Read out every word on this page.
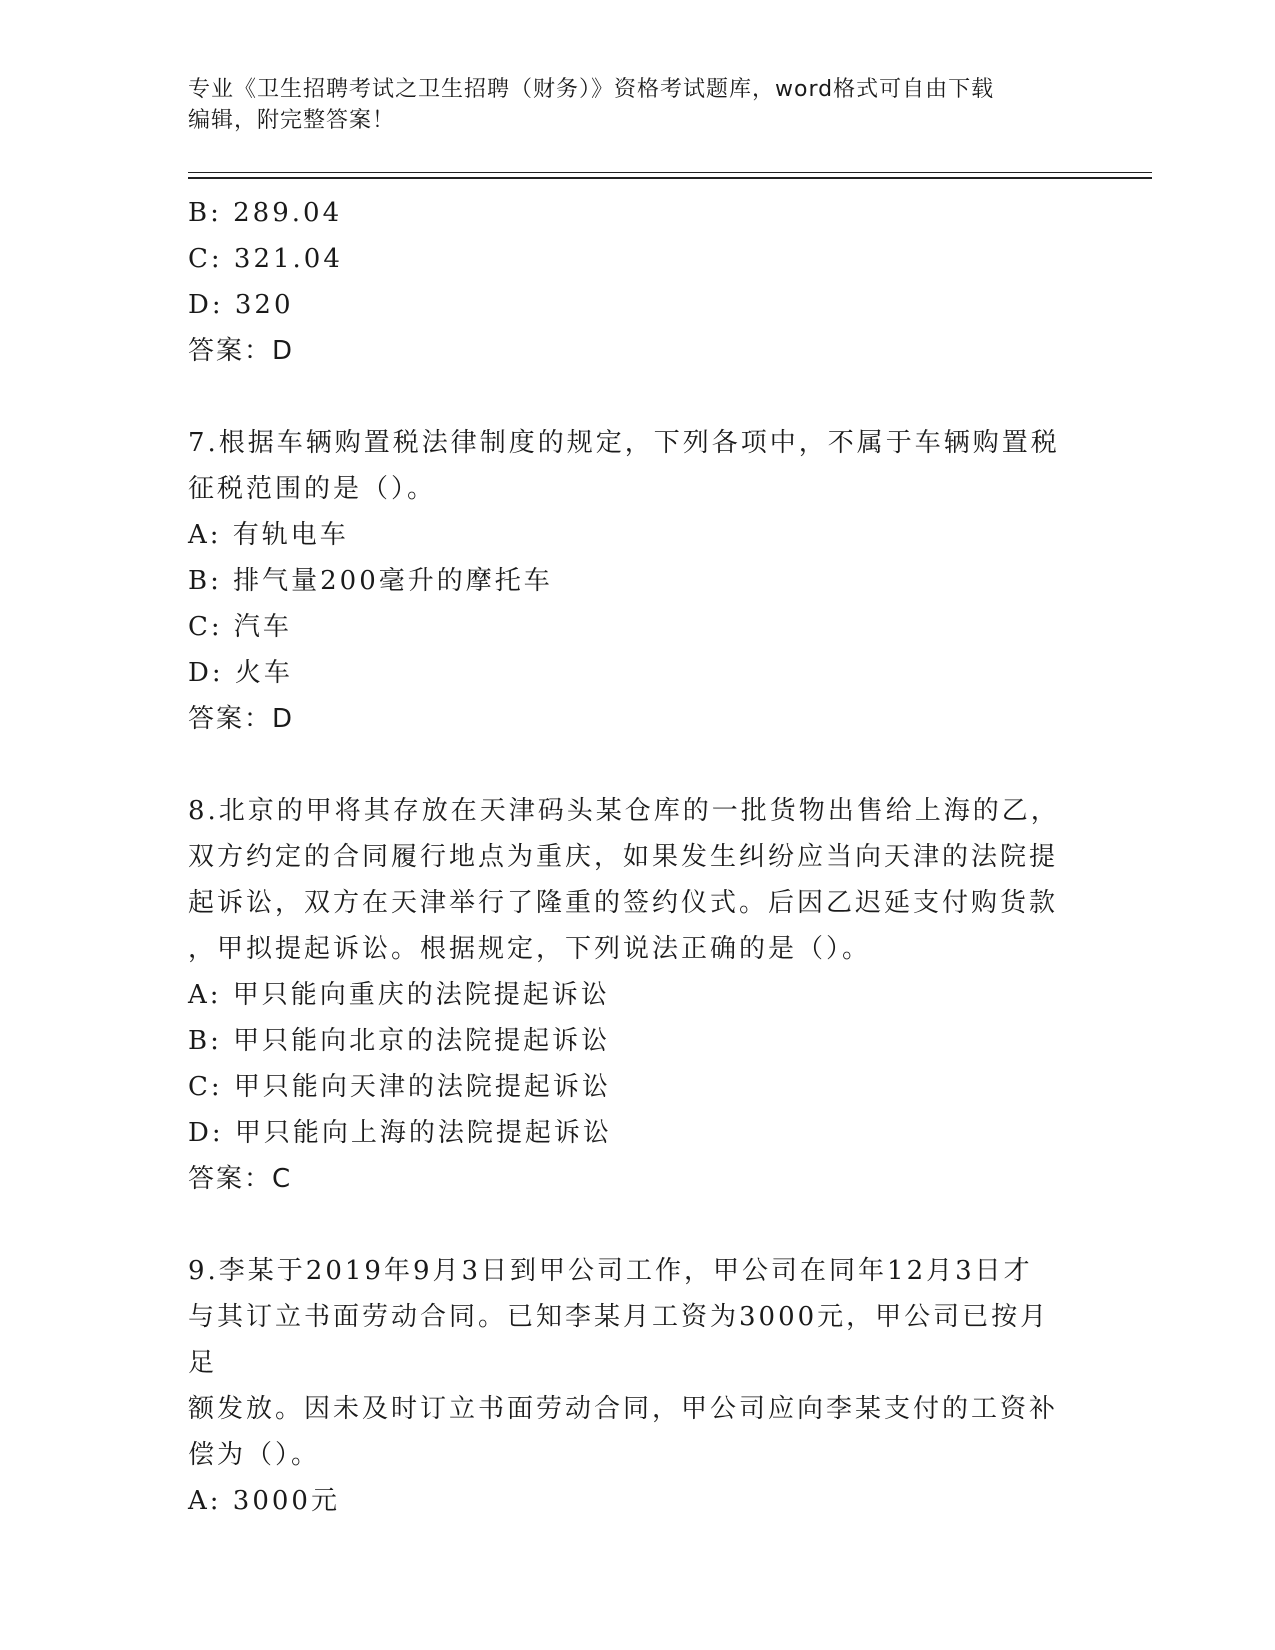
专业《卫生招聘考试之卫生招聘（财务）》资格考试题库，word格式可自由下载
编辑，附完整答案！
B: 289.04
C: 321.04
D: 320
答案：D
7.根据车辆购置税法律制度的规定，下列各项中，不属于车辆购置税
征税范围的是（）。
A: 有轨电车
B: 排气量200毫升的摩托车
C: 汽车
D: 火车
答案：D
8.北京的甲将其存放在天津码头某仓库的一批货物出售给上海的乙，
双方约定的合同履行地点为重庆，如果发生纠纷应当向天津的法院提
起诉讼，双方在天津举行了隆重的签约仪式。后因乙迟延支付购货款
，甲拟提起诉讼。根据规定，下列说法正确的是（）。
A: 甲只能向重庆的法院提起诉讼
B: 甲只能向北京的法院提起诉讼
C: 甲只能向天津的法院提起诉讼
D: 甲只能向上海的法院提起诉讼
答案：C
9.李某于2019年9月3日到甲公司工作，甲公司在同年12月3日才
与其订立书面劳动合同。已知李某月工资为3000元，甲公司已按月足
额发放。因未及时订立书面劳动合同，甲公司应向李某支付的工资补
偿为（）。
A: 3000元
